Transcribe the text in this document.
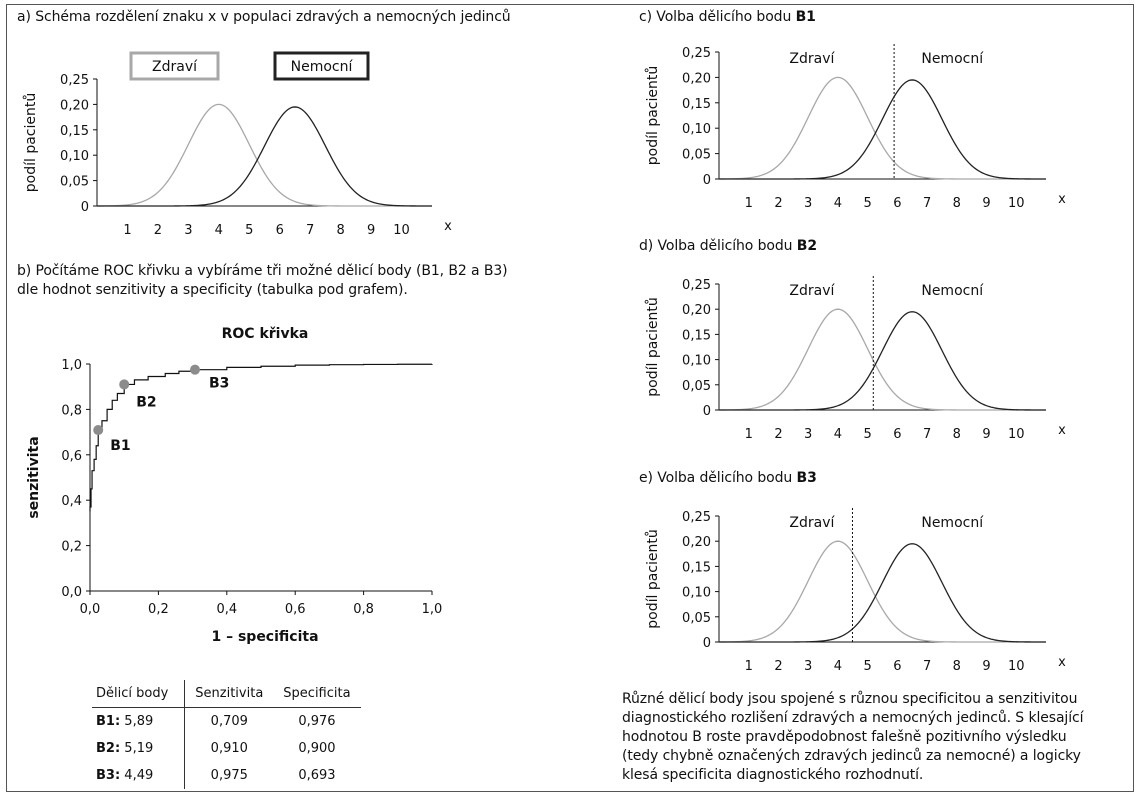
a) Schéma rozdělení znaku x v populaci zdravých a nemocných jedinců
b) Počítáme ROC křivku a vybíráme tři možné dělicí body (B1, B2 a B3)
dle hodnot senzitivity a specificity (tabulka pod grafem).
c) Volba dělicího bodu B1
d) Volba dělicího bodu B2
e) Volba dělicího bodu B3
0
0,05
0,10
0,15
0,20
0,25
1 2 3 4 5 6 7 8 9 10	x
podíl pacientů
Zdraví	Nemocní
0
0,05
0,10
0,15
0,20
0,25
1 2 3 4 5 6 7 8 9 10	x
podíl pacientů
Zdraví	Nemocní
0
0,05
0,10
0,15
0,20
0,25
1 2 3 4 5 6 7 8 9 10	x
podíl pacientů
Zdraví	Nemocní
0
0,05
0,10
0,15
0,20
0,25
1 2 3 4 5 6 7 8 9 10	x
podíl pacientů
Zdraví	Nemocní
ROC křivka
0,0
0,2
0,4
0,6
0,8
1,0
0,0	0,2	0,4	0,6	0,8	1,0
1 – specificita
senzitivita	B1
B2
B3
Dělicí body	Senzitivita	Specificita
B1: 5,89	0,709	0,976
B2: 5,19	0,910	0,900
B3: 4,49	0,975	0,693
Různé dělicí body jsou spojené s různou specificitou a senzitivitou
diagnostického rozlišení zdravých a nemocných jedinců. S klesající
hodnotou B roste pravděpodobnost falešně pozitivního výsledku
(tedy chybně označených zdravých jedinců za nemocné) a logicky
klesá specificita diagnostického rozhodnutí.
